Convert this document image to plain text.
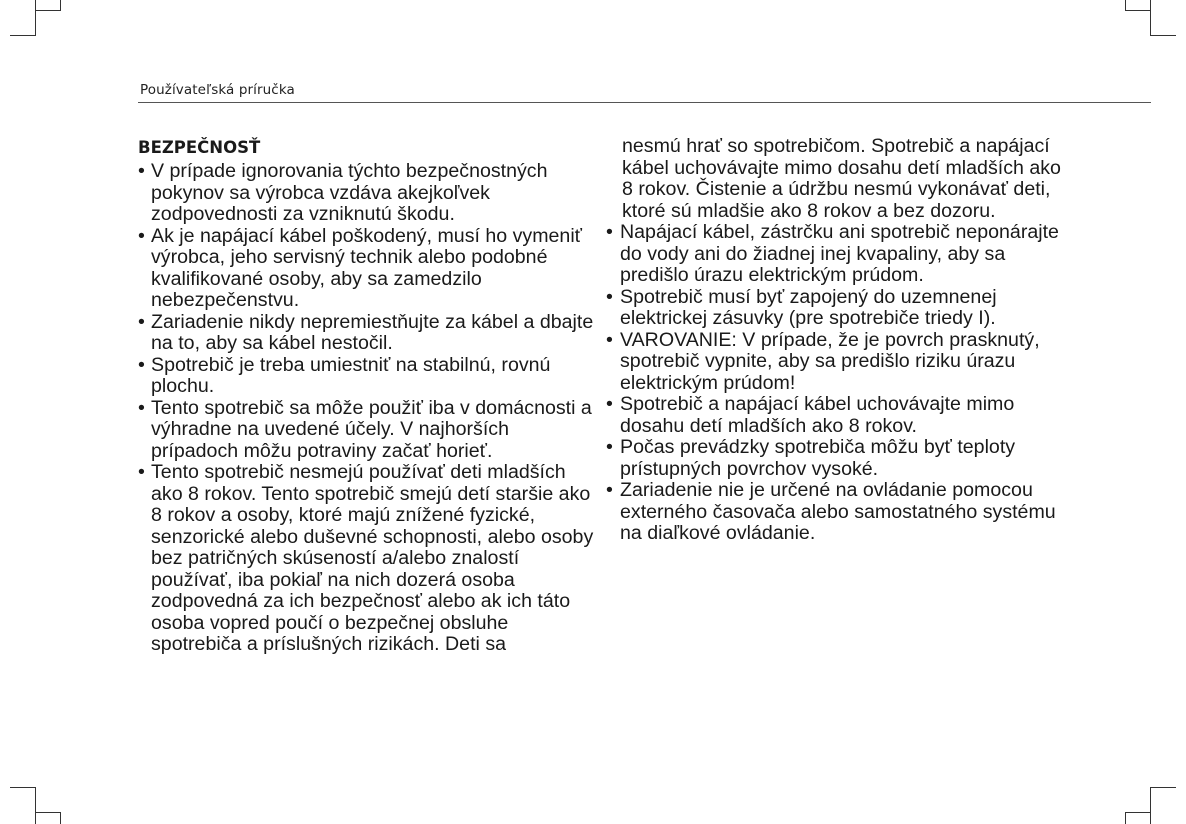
Používateľská príručka
BEZPEČNOSŤ
• V prípade ignorovania týchto bezpečnostných pokynov sa výrobca vzdáva akejkoľvek zodpovednosti za vzniknutú škodu.
• Ak je napájací kábel poškodený, musí ho vymeniť výrobca, jeho servisný technik alebo podobné kvalifikované osoby, aby sa zamedzilo nebezpečenstvu.
• Zariadenie nikdy nepremiestňujte za kábel a dbajte na to, aby sa kábel nestočil.
• Spotrebič je treba umiestniť na stabilnú, rovnú plochu.
• Tento spotrebič sa môže použiť iba v domácnosti a výhradne na uvedené účely. V najhorších prípadoch môžu potraviny začať horieť.
• Tento spotrebič nesmejú používať deti mladších ako 8 rokov. Tento spotrebič smejú detí staršie ako 8 rokov a osoby, ktoré majú znížené fyzické, senzorické alebo duševné schopnosti, alebo osoby bez patričných skúseností a/alebo znalostí používať, iba pokiaľ na nich dozerá osoba zodpovedná za ich bezpečnosť alebo ak ich táto osoba vopred poučí o bezpečnej obsluhe spotrebiča a príslušných rizikách. Deti sa

nesmú hrať so spotrebičom. Spotrebič a napájací kábel uchovávajte mimo dosahu detí mladších ako 8 rokov. Čistenie a údržbu nesmú vykonávať deti, ktoré sú mladšie ako 8 rokov a bez dozoru.

• Napájací kábel, zástrčku ani spotrebič neponárajte do vody ani do žiadnej inej kvapaliny, aby sa predišlo úrazu elektrickým prúdom.
• Spotrebič musí byť zapojený do uzemnenej elektrickej zásuvky (pre spotrebiče triedy I).
• VAROVANIE: V prípade, že je povrch prasknutý, spotrebič vypnite, aby sa predišlo riziku úrazu elektrickým prúdom!
• Spotrebič a napájací kábel uchovávajte mimo dosahu detí mladších ako 8 rokov.
• Počas prevádzky spotrebiča môžu byť teploty prístupných povrchov vysoké.
• Zariadenie nie je určené na ovládanie pomocou externého časovača alebo samostatného systému na diaľkové ovládanie.
